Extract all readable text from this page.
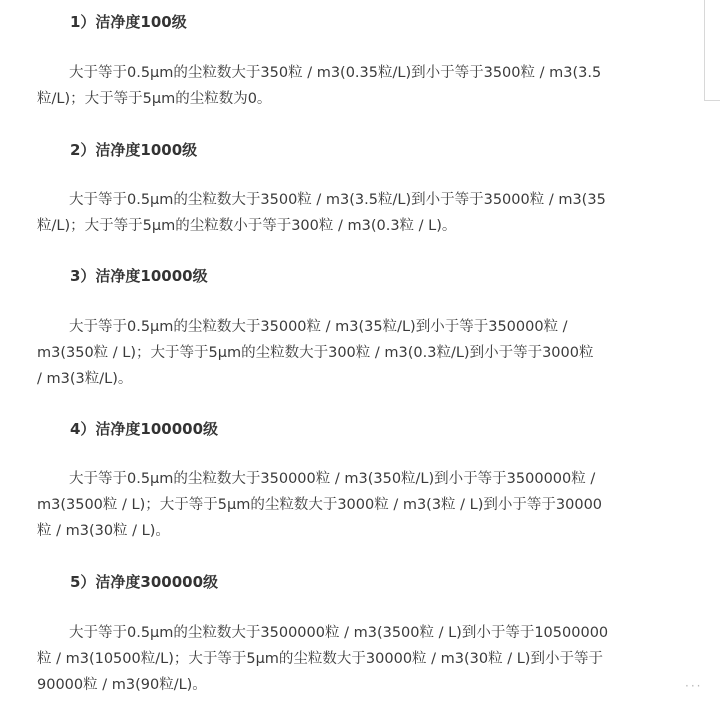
1）洁净度100级
大于等于0.5μm的尘粒数大于350粒 / m3(0.35粒/L)到小于等于3500粒 / m3(3.5
粒/L)；大于等于5μm的尘粒数为0。
2）洁净度1000级
大于等于0.5μm的尘粒数大于3500粒 / m3(3.5粒/L)到小于等于35000粒 / m3(35
粒/L)；大于等于5μm的尘粒数小于等于300粒 / m3(0.3粒 / L)。
3）洁净度10000级
大于等于0.5μm的尘粒数大于35000粒 / m3(35粒/L)到小于等于350000粒 /
m3(350粒 / L)；大于等于5μm的尘粒数大于300粒 / m3(0.3粒/L)到小于等于3000粒
/ m3(3粒/L)。
4）洁净度100000级
大于等于0.5μm的尘粒数大于350000粒 / m3(350粒/L)到小于等于3500000粒 /
m3(3500粒 / L)；大于等于5μm的尘粒数大于3000粒 / m3(3粒 / L)到小于等于30000
粒 / m3(30粒 / L)。
5）洁净度300000级
大于等于0.5μm的尘粒数大于3500000粒 / m3(3500粒 / L)到小于等于10500000
粒 / m3(10500粒/L)；大于等于5μm的尘粒数大于30000粒 / m3(30粒 / L)到小于等于
90000粒 / m3(90粒/L)。	···
